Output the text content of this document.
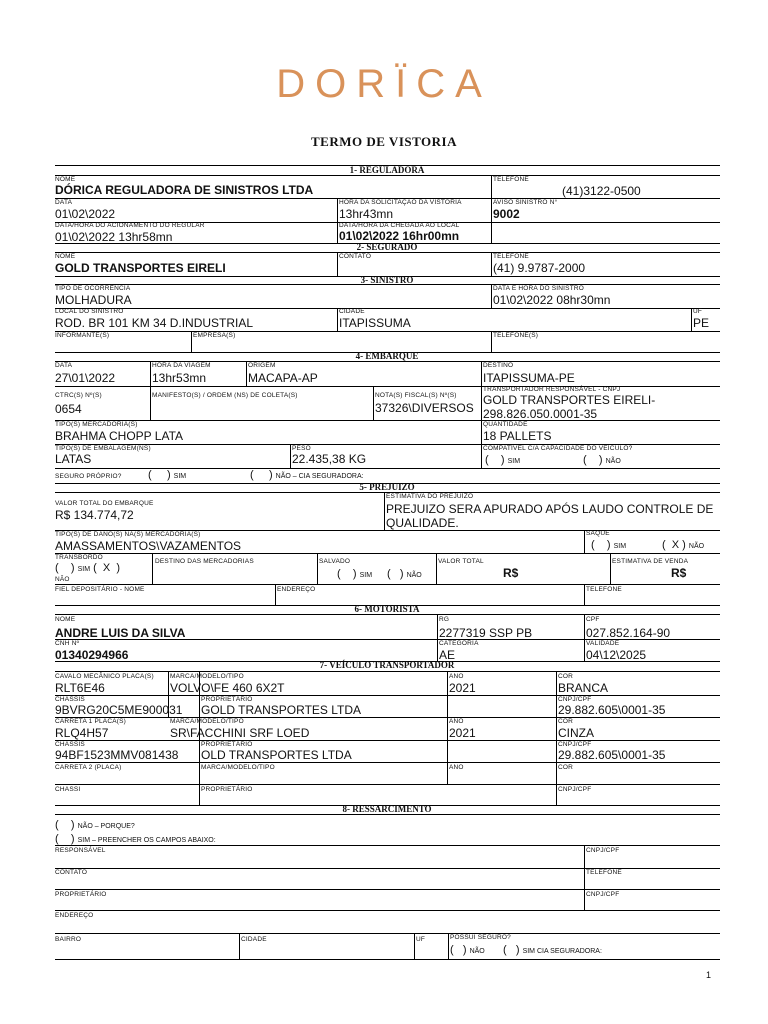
DORÏCA
TERMO DE VISTORIA
1- REGULADORA
2- SEGURADO
3- SINISTRO
4- EMBARQUE
5- PREJUIZO
6- MOTORISTA
7- VEÍCULO TRANSPORTADOR
8- RESSARCIMENTO
NOME
DÓRICA REGULADORA DE SINISTROS LTDA
TELEFONE
(41)3122-0500
DATA
01\02\2022
HORA DA SOLICITAÇÃO DA VISTORIA
13hr43mn
AVISO SINISTRO N°
9002
DATA/HORA DO ACIONAMENTO DO REGULAR
01\02\2022 13hr58mn
DATA/HORA DA CHEGADA AO LOCAL
01\02\2022 16hr00mn
NOME
GOLD TRANSPORTES EIRELI
CONTATO	TELEFONE
(41) 9.9787-2000
TIPO DE OCORRÊNCIA
MOLHADURA
DATA E HORA DO SINISTRO
01\02\2022 08hr30mn
LOCAL DO SINISTRO
ROD. BR 101 KM 34 D.INDUSTRIAL
CIDADE
ITAPISSUMA
UF
PE
INFORMANTE(S)	EMPRESA(S)	TELEFONE(S)
DATA
27\01\2022
HORA DA VIAGEM
13hr53mn
ORIGEM
MACAPA-AP
DESTINO
ITAPISSUMA-PE
CTRC(S) Nº(S)
0654
MANIFESTO(S) / ORDEM (NS) DE COLETA(S)	NOTA(S) FISCAL(S) Nº(S)
37326\DIVERSOS
TRANSPORTADOR RESPONSÁVEL - CNPJ
GOLD TRANSPORTES EIRELI-
298.826.050.0001-35
TIPO(S) MERCADORIA(S)
BRAHMA CHOPP LATA
QUANTIDADE
18 PALLETS
TIPO(S) DE EMBALAGEM(NS)
LATAS
PESO
22.435,38 KG
COMPATÍVEL C/A CAPACIDADE DO VEÍCULO?
(    ) SIM	(    ) NÃO
SEGURO PRÓPRIO? (     ) SIM	(     ) NÃO – CIA SEGURADORA:
VALOR TOTAL DO EMBARQUE
R$ 134.774,72
ESTIMATIVA DO PREJUÍZO
PREJUIZO SERA APURADO APÓS LAUDO CONTROLE DE
QUALIDADE.
TIPO(S) DE DANO(S) NA(S) MERCADORIA(S)
AMASSAMENTOS\VAZAMENTOS
SAQUE
(    ) SIM	(  X ) NÃO
TRANSBORDO
(    ) SIM (  X  )
NÃO
DESTINO DAS MERCADORIAS	SALVADO
(    ) SIM (   ) NÃO
VALOR TOTAL
R$
ESTIMATIVA DE VENDA
R$
FIEL DEPOSITÁRIO - NOME	ENDEREÇO	TELEFONE
NOME
ANDRE LUIS DA SILVA
RG
2277319 SSP PB
CPF
027.852.164-90
CNH Nº
01340294966
CATEGORIA
AE
VALIDADE
04\12\2025
CAVALO MECÂNICO PLACA(S)
RLT6E46
MARCA/MODELO/TIPO
VOLVO\FE 460 6X2T
ANO
2021
COR
BRANCA
CHASSIS
9BVRG20C5ME900031
PROPRIETÁRIO
GOLD TRANSPORTES LTDA
CNPJ/CPF
29.882.605\0001-35
CARRETA 1 PLACA(S)
RLQ4H57
MARCA/MODELO/TIPO
SR\FACCHINI SRF LOED
ANO
2021
COR
CINZA
CHASSIS
94BF1523MMV081438
PROPRIETÁRIO
OLD TRANSPORTES LTDA
CNPJ/CPF
29.882.605\0001-35
CARRETA 2 (PLACA)	MARCA/MODELO/TIPO	ANO	COR
CHASSI	PROPRIETÁRIO	CNPJ/CPF
(    ) NÃO – PORQUE?
(    ) SIM – PREENCHER OS CAMPOS ABAIXO:
RESPONSÁVEL	CNPJ/CPF
CONTATO	TELEFONE
PROPRIETÁRIO	CNPJ/CPF
ENDEREÇO
BAIRRO	CIDADE	UF	POSSUI SEGURO?
(   ) NÃO (   ) SIM CIA SEGURADORA:
1
